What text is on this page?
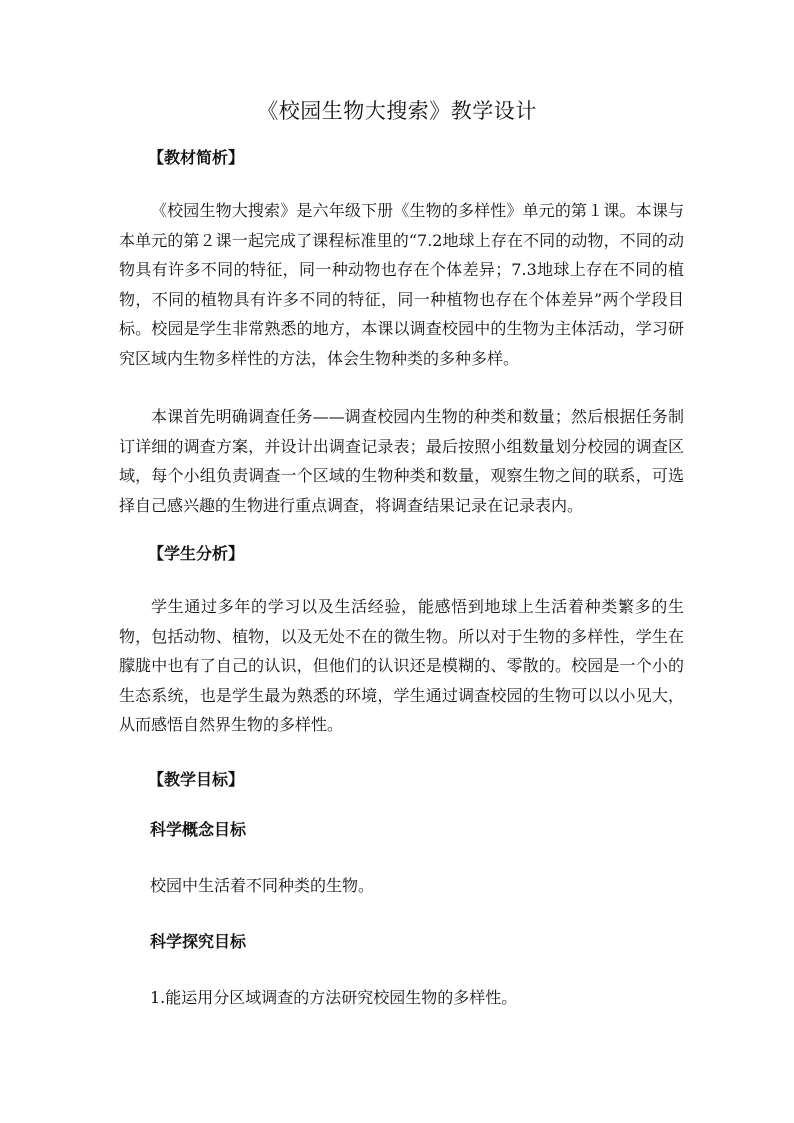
《校园生物大搜索》教学设计
【教材简析】
《校园生物大搜索》是六年级下册《生物的多样性》单元的第１课。本课与本单元的第２课一起完成了课程标准里的“7.2地球上存在不同的动物，不同的动物具有许多不同的特征，同一种动物也存在个体差异；7.3地球上存在不同的植物，不同的植物具有许多不同的特征，同一种植物也存在个体差异”两个学段目标。校园是学生非常熟悉的地方，本课以调查校园中的生物为主体活动，学习研究区域内生物多样性的方法，体会生物种类的多种多样。
本课首先明确调查任务——调查校园内生物的种类和数量；然后根据任务制订详细的调查方案，并设计出调查记录表；最后按照小组数量划分校园的调查区域，每个小组负责调查一个区域的生物种类和数量，观察生物之间的联系，可选择自己感兴趣的生物进行重点调查，将调查结果记录在记录表内。
【学生分析】
学生通过多年的学习以及生活经验，能感悟到地球上生活着种类繁多的生物，包括动物、植物，以及无处不在的微生物。所以对于生物的多样性，学生在朦胧中也有了自己的认识，但他们的认识还是模糊的、零散的。校园是一个小的生态系统，也是学生最为熟悉的环境，学生通过调查校园的生物可以以小见大，从而感悟自然界生物的多样性。
【教学目标】
科学概念目标
校园中生活着不同种类的生物。
科学探究目标
1.能运用分区域调查的方法研究校园生物的多样性。
